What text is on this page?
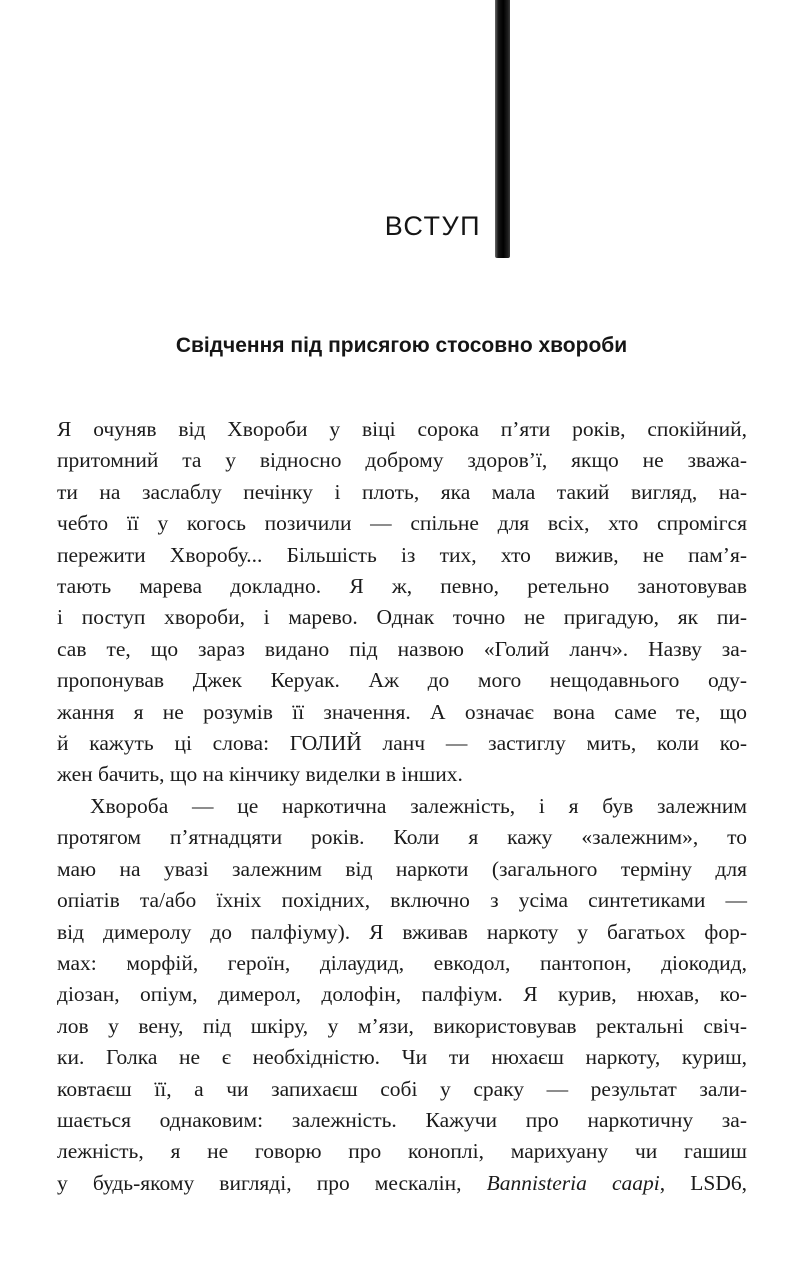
ВСТУП
Свідчення під присягою стосовно хвороби
Я очуняв від Хвороби у віці сорока п’яти років, спокійний,
притомний та у відносно доброму здоров’ї, якщо не зважа-
ти на заслаблу печінку і плоть, яка мала такий вигляд, на-
чебто її у когось позичили — спільне для всіх, хто спромігся
пережити Хворобу... Більшість із тих, хто вижив, не пам’я-
тають марева докладно. Я ж, певно, ретельно занотовував
і поступ хвороби, і марево. Однак точно не пригадую, як пи-
сав те, що зараз видано під назвою «Голий ланч». Назву за-
пропонував Джек Керуак. Аж до мого нещодавнього оду-
жання я не розумів її значення. А означає вона саме те, що
й кажуть ці слова: ГОЛИЙ ланч — застиглу мить, коли ко-
жен бачить, що на кінчику виделки в інших.
Хвороба — це наркотична залежність, і я був залежним
протягом п’ятнадцяти років. Коли я кажу «залежним», то
маю на увазі залежним від наркоти (загального терміну для
опіатів та/або їхніх похідних, включно з усіма синтетиками —
від димеролу до палфіуму). Я вживав наркоту у багатьох фор-
мах: морфій, героїн, ділаудид, евкодол, пантопон, діокодид,
діозан, опіум, димерол, долофін, палфіум. Я курив, нюхав, ко-
лов у вену, під шкіру, у м’язи, використовував ректальні свіч-
ки. Голка не є необхідністю. Чи ти нюхаєш наркоту, куриш,
ковтаєш її, а чи запихаєш собі у сраку — результат зали-
шається однаковим: залежність. Кажучи про наркотичну за-
лежність, я не говорю про коноплі, марихуану чи гашиш
у будь-якому вигляді, про мескалін, Bannisteria caapi, LSD6,
